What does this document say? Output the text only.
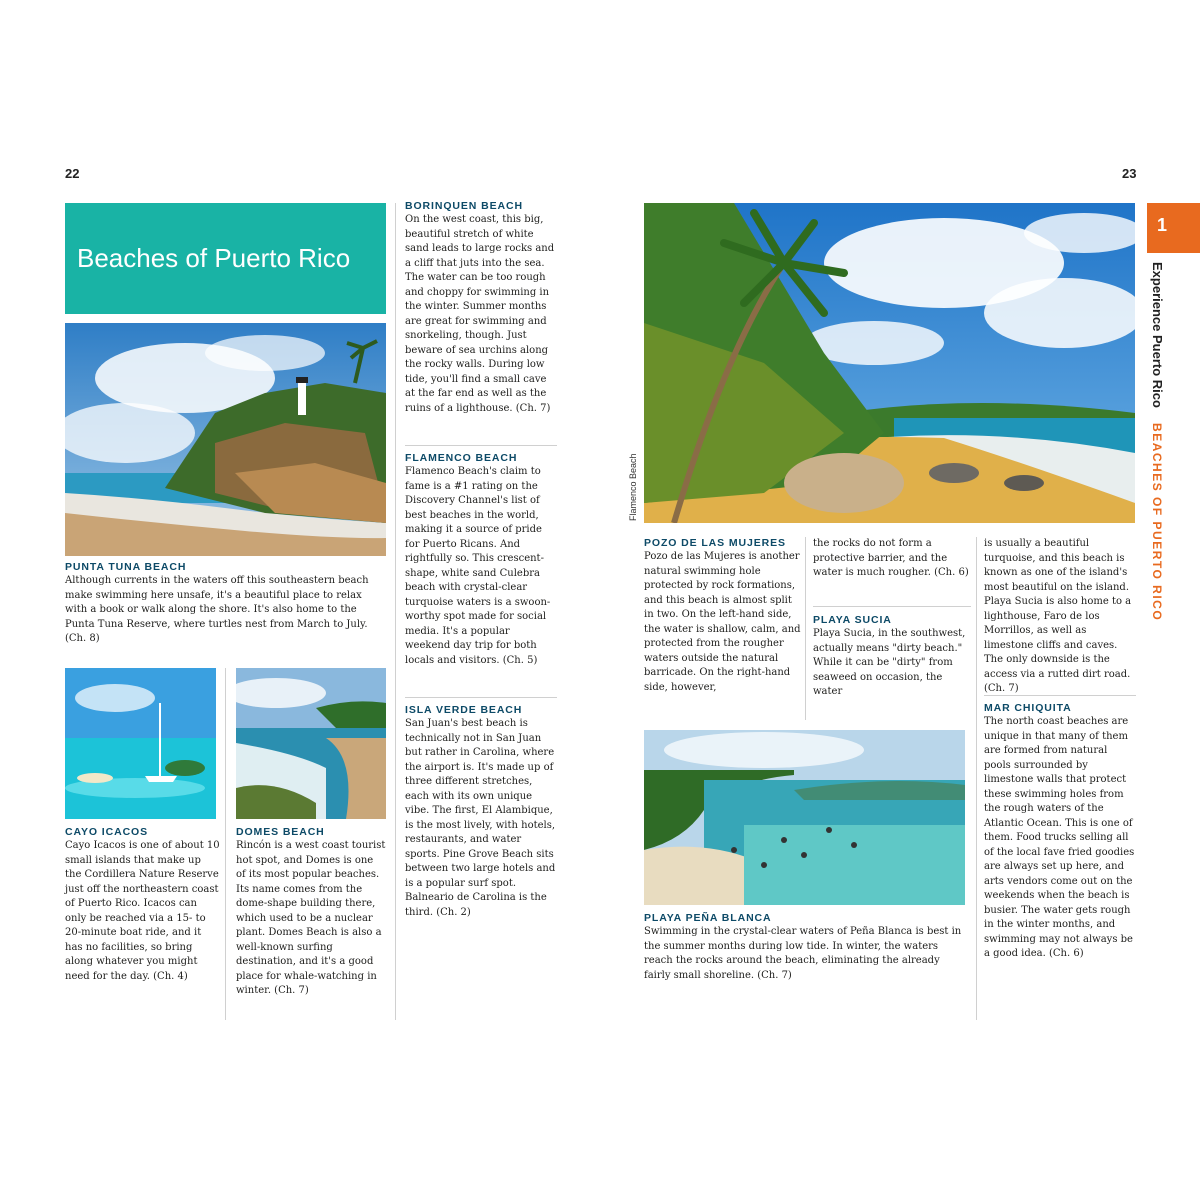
22	23
Beaches of Puerto Rico
PUNTA TUNA BEACH

Although currents in the waters off this southeastern beach make swimming here unsafe, it's a beautiful place to relax with a book or walk along the shore. It's also home to the Punta Tuna Reserve, where turtles nest from March to July. (Ch. 8)

CAYO ICACOS

Cayo Icacos is one of about 10 small islands that make up the Cordillera Nature Reserve just off the northeastern coast of Puerto Rico. Icacos can only be reached via a 15- to 20-minute boat ride, and it has no facilities, so bring along whatever you might need for the day. (Ch. 4)

DOMES BEACH

Rincón is a west coast tourist hot spot, and Domes is one of its most popular beaches. Its name comes from the dome-shape building there, which used to be a nuclear plant. Domes Beach is also a well-known surfing destination, and it's a good place for whale-watching in winter. (Ch. 7)

BORINQUEN BEACH

On the west coast, this big, beautiful stretch of white sand leads to large rocks and a cliff that juts into the sea. The water can be too rough and choppy for swimming in the winter. Summer months are great for swimming and snorkeling, though. Just beware of sea urchins along the rocky walls. During low tide, you'll find a small cave at the far end as well as the ruins of a lighthouse. (Ch. 7)

FLAMENCO BEACH

Flamenco Beach's claim to fame is a #1 rating on the Discovery Channel's list of best beaches in the world, making it a source of pride for Puerto Ricans. And rightfully so. This crescent-shape, white sand Culebra beach with crystal-clear turquoise waters is a swoon-worthy spot made for social media. It's a popular weekend day trip for both locals and visitors. (Ch. 5)

ISLA VERDE BEACH

San Juan's best beach is technically not in San Juan but rather in Carolina, where the airport is. It's made up of three different stretches, each with its own unique vibe. The first, El Alambique, is the most lively, with hotels, restaurants, and water sports. Pine Grove Beach sits between two large hotels and is a popular surf spot. Balneario de Carolina is the third. (Ch. 2)

Flamenco Beach
POZO DE LAS MUJERES

Pozo de las Mujeres is another natural swimming hole protected by rock formations, and this beach is almost split in two. On the left-hand side, the water is shallow, calm, and protected from the rougher waters outside the natural barricade. On the right-hand side, however,

the rocks do not form a protective barrier, and the water is much rougher. (Ch. 6)

PLAYA SUCIA

Playa Sucia, in the southwest, actually means "dirty beach." While it can be "dirty" from seaweed on occasion, the water

is usually a beautiful turquoise, and this beach is known as one of the island's most beautiful on the island. Playa Sucia is also home to a lighthouse, Faro de los Morrillos, as well as limestone cliffs and caves. The only downside is the access via a rutted dirt road. (Ch. 7)

MAR CHIQUITA

The north coast beaches are unique in that many of them are formed from natural pools surrounded by limestone walls that protect these swimming holes from the rough waters of the Atlantic Ocean. This is one of them. Food trucks selling all of the local fave fried goodies are always set up here, and arts vendors come out on the weekends when the beach is busier. The water gets rough in the winter months, and swimming may not always be a good idea. (Ch. 6)

PLAYA PEÑA BLANCA

Swimming in the crystal-clear waters of Peña Blanca is best in the summer months during low tide. In winter, the waters reach the rocks around the beach, eliminating the already fairly small shoreline. (Ch. 7)

1
Experience Puerto Rico BEACHES OF PUERTO RICO
